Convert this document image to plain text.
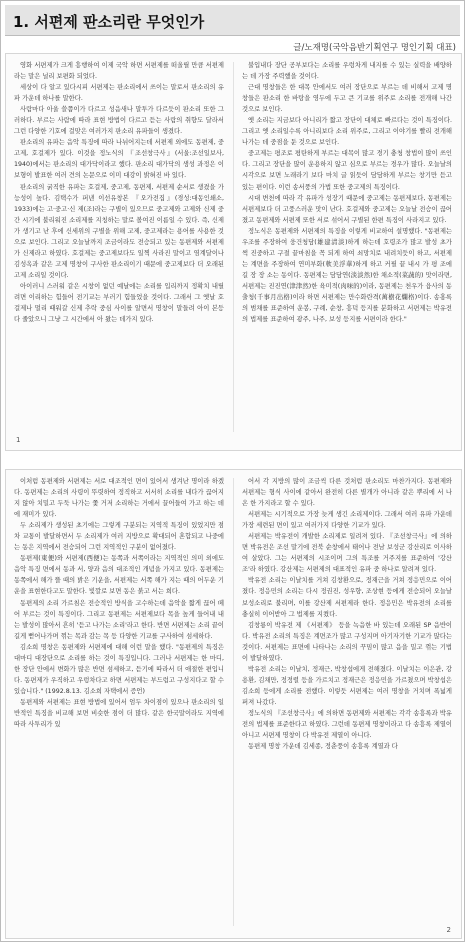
1. 서편제 판소리란 무엇인가
글/노재명(국악음반기획연구 명인기획 대표)

영화 서편제가 크게 흥행하여 이제 국악 하면 서편제를 떠올릴 만큼 서편제라는 말은 널리 보편화 되었다.

세상이 다 알고 있다시피 서편제는 판소리에서 쓰이는 말로서 판소리의 유파 가운데 하나를 말한다.

사람마다 아울 쓸쯤이가 다르고 성음새나 말투가 다르듯이 판소리 또한 그러하다. 부르는 사람에 따라 표현 방법이 다르고 듣는 사람의 취향도 달라서 그런 다양한 기호에 걸맞은 여러가지 판소리 유파들이 생겼다.

판소리의 유파는 음악 특징에 따라 나뉘어지는데 서편제 외에도 동편제, 중고제, 호걸제가 있다. 이것을 정노식의 『조선창극사』(서울:조선일보사, 1940)에서는 판소리의 대가닥이라고 했다. 판소리 대가닥의 생성 과정은 이보형이 발표한 여러 견의 논문으로 이미 대강이 밝혀진 바 있다.

판소리의 굵직한 유파는 호걸제, 중고제, 동편제, 서편제 순서로 생겼을 가능성이 높다. 김택수가 퍼낸 이선유창본 『오가전집』(경성:대동인쇄소, 1933)에는 고·중고·신 제(조)라는 구별이 있으므로 중고제와 고제와 신제 중간 시기에 불리워진 소리제를 지칭하는 말로 볼여진 이름일 수 있다. 즉, 신제가 생기고 난 후에 신세위의 구별을 위해 고제, 중고제라는 용어를 사용한 것으로 보인다. 그리고 오늘날까지 조금이라도 전승되고 있는 동편제와 서편제가 신제라고 하였다. 호걸제는 중고제보다도 일찍 사라진 말이고 염계달이나 김성옥과 같은 고제 명창이 구사한 판소리이기 때문에 중고제보다 더 오래된 고제 소리일 것이다.

아이러니 스러워 같은 시창이 없던 예날에는 소리를 입리까지 정확치 내릴려면 이리하는 힘들어 전기교는 부러기 힘들었을 것이다. 그래서 그 옛날 호걸제나 멀리 때워갈 신제 추락 중심 사이를 알면서 명창이 말들려 아이 본등 다 줄았으니 그냥 그 시간에서 아 왔는 데가지 있다.

불입내다 장단 공부보다는 소리를 우렁차게 내지를 수 있는 실력을 배양하는 데 가장 주력했을 것이다.

근대 명창들은 한 대목 안에서도 여러 장단으로 부르는 데 비해서 고제 명창들은 판소리 한 바탕을 영두에 두고 큰 기교를 위주로 소리를 전개해 나간 것으로 보인다.

옛 소리는 지금보다 아니리가 짧고 장단이 대체로 빠르다는 것이 특징이다. 그리고 옛 소리일수록 아니리보다 소리 위주로, 그리고 이야기를 빨리 전개해 나가는 데 중점을 둔 것으로 보인다.

중고제는 평조로 평탄하게 부르는 대목이 많고 경기 충청 창법이 많이 쓰인다. 그리고 장단을 많이 운용하지 않고 심으로 부르는 경우가 많다. 오늘날의 시각으로 보면 노래라기 보다 마치 글 읽듯이 담담하게 부르는 창기만 듣고 있는 편이다. 이런 송서풍의 가법 또한 중고제의 특징이다.

시대 변천에 따라 각 유파가 성장기 때문에 중고제는 동편제보다, 동편제는 서편제보다 더 고풍스러운 맛이 난다. 호걸제와 중고제는 오늘날 전승이 끊어졌고 동편제와 서편제 또한 서로 섞어서 구별된 한편 특징이 사라지고 있다.

정노식은 동편제와 서편제의 특징을 이렇게 비교하여 설명했다. "동편제는 우조를 주장하여 웅건청담(雄建淸淡)하게 하는데 호령조가 많고 발성 초가 썩 진중하고 구절 끝마침을 꼭 되게 하여 쇠망치로 내려치듯이 하고, 서편제는 계면을 주장하여 연미부화(軟美浮華)하게 하고 커필 끝 내시 가 평 조에 길 장 장 소는 동이다. 동편제는 담담연(淡淡然)한 채소적(菜蔬的) 맛이라면, 서편제는 진진연(津津然)한 육미적(肉味的)이라, 동편제는 천우가 융사의 동출청(千事月出格)이라 하면 서편제는 만수화란격(萬樹花爛格)이다. 송홍록의 범채를 표준하여 운봉, 구례, 순창, 흥덕 등지를 분화하고 서편제는 박유전의 법제를 표준하여 광주, 나주, 보성 등지를 서편이라 한다."

1

이처럼 동편제와 서편제는 서로 대조적인 면이 있어서 생겨난 명이라 하겠다. 동편제는 소리의 사령이 뚜렷하여 정직하고 서서히 소리를 내다가 끊어지지 않아 치밀고 두둑 나가는 쫓 거저 소리하는 거에서 끌어들여 가고 하는 데에 재미가 있다.

두 소리제가 생성된 초기에는 그렇게 구분되는 지역적 특징이 있었지만 점차 교통이 발달하면서 두 소리제가 여러 지방으로 확대되어 혼합되고 나중에는 동은 지역에서 전승되어 그런 지역적인 구분이 없어졌다.

동편제(東便)와 서편제(西便)는 동쪽과 서쪽이라는 지역적인 의미 외에도 음악 특징 면에서 동과 서, 양과 음의 대조적인 개념을 가지고 있다. 동편제는 동쪽에서 해가 뜰 때의 밝은 기운을, 서편제는 서쪽 해가 지는 때의 어두운 기운을 표현한다고도 말한다. 빛깔로 보면 동은 붉고 서는 희다.

동편제의 소리 가르침은 전승적인 방식을 고수하는데 음악을 짧게 끊어 떼어 부르는 것이 특징이다. 그리고 동편제는 서편제보다 목을 높게 들어내 내는 발성이 많아서 흔히 '듣고 나가는 소리'라고 한다. 반면 서편제는 소리 끝이 길게 뻗어나가며 꺾는 목과 감는 목 등 다양한 기교를 구사하여 섬세하다.

김소희 명창은 동편제와 서편제에 대해 이런 말을 했다. "동편제의 특징은 대마디 대장단으로 소리를 하는 것이 특징입니다. 그러나 서편제는 한 마디, 한 장단 안에서 변화가 많은 반면 섬세하고, 듣기에 따라서 더 애절한 편입니다. 동편제가 우직하고 우렁차다고 하면 서편제는 부드럽고 구성지다고 할 수 있습니다." (1992.8.13. 김소희 자택에서 증언)

동편제와 서편제는 표현 방법에 있어서 엄두 차이점이 있으나 판소리의 일반적인 특징을 비교해 보면 비슷한 점이 더 많다. 같은 한국말이라도 지역에 따라 사투리가 있

어서 각 지방의 많이 조금씩 다른 것처럼 판소리도 마찬가지다. 동편제와 서편제는 형식 사이에 같아서 완전히 다른 별개가 아니라 같은 뿌리에 서 나온 한 가지라고 할 수 있다.

서편제는 시기적으로 가장 늦게 생긴 소리제이다. 그래서 여러 유파 가운데 가장 세련된 면이 있고 여러가지 다양한 기교가 있다.

서편제는 박유전이 개발한 소리제로 일려져 있다. 『조선창극사』에 의하면 박유전은 조선 말기에 전북 순창에서 태어나 전남 보성군 강산리로 이사하여 살았다. 그는 서편제의 시조이며 그의 특조를 거주지를 표준하여 '강산조'라 하였다. 강산제는 서편제의 대표적인 유파 중 하나로 알려져 있다.

박유전 소리는 이날치를 거쳐 김창환으로, 정재근을 거쳐 정응민으로 이어졌다. 정응민의 소리는 다시 정권진, 성우향, 조상현 등에게 전승되어 오늘날 보성소리로 불리며, 이를 강산제 서편제라 한다. 정응민은 박유전의 소리를 충실히 이어받아 그 법제를 지켰다.

김창룡이 박유전 제 《서편제》 등을 녹음한 바 있는데 오래된 SP 음반이다. 박유전 소리의 특징은 계면조가 많고 구성지며 아기자기한 기교가 많다는 것이다. 서편제는 표면에 나타나는 소리의 꾸밈이 많고 음을 밀고 꺾는 기법이 발달하였다.

박유전 소리는 이날치, 정재근, 박창섭에게 전해졌다. 이날치는 이은관, 강용환, 김채만, 정정렬 등을 가르치고 정재근은 정응민을 가르쳤으며 박창섭은 김소희 등에게 소리를 전했다. 이렇듯 서편제는 여러 명창을 거치며 폭넓게 퍼져 나갔다.

정노식의 『조선창극사』에 의하면 동편제와 서편제는 각각 송흥록과 박유전의 법제를 표준한다고 하였다. 그런데 동편제 명창이라고 다 송흥록 제열이 아니고 서편제 명창이 다 박유전 제열이 아니다.

동편제 명창 가운데 김세종, 정춘풍이 송흥록 계열과 다

2
